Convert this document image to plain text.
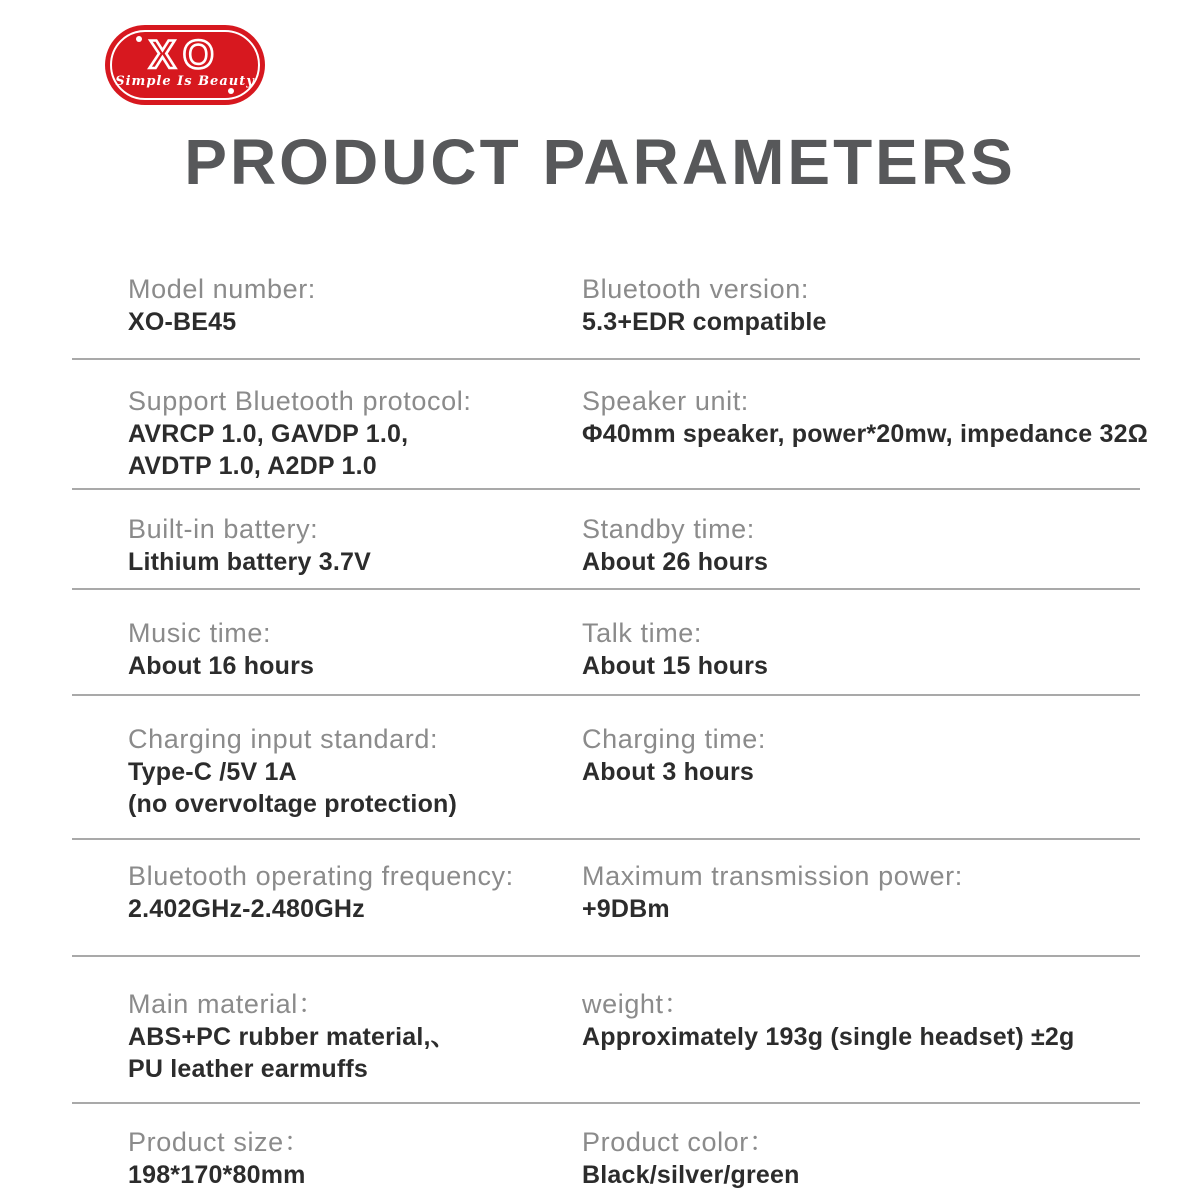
XO
Simple Is Beauty
PRODUCT PARAMETERS
Model number:
XO-BE45
Bluetooth version:
5.3+EDR compatible
Support Bluetooth protocol:
AVRCP 1.0, GAVDP 1.0,
AVDTP 1.0, A2DP 1.0
Speaker unit:
Φ40mm speaker, power*20mw, impedance 32Ω
Built-in battery:
Lithium battery 3.7V
Standby time:
About 26 hours
Music time:
About 16 hours
Talk time:
About 15 hours
Charging input standard:
Type-C /5V 1A
(no overvoltage protection)
Charging time:
About 3 hours
Bluetooth operating frequency:
2.402GHz-2.480GHz
Maximum transmission power:
+9DBm
Main material：
ABS+PC rubber material,、
PU leather earmuffs
weight：
Approximately 193g (single headset) ±2g
Product size：
198*170*80mm
Product color：
Black/silver/green
